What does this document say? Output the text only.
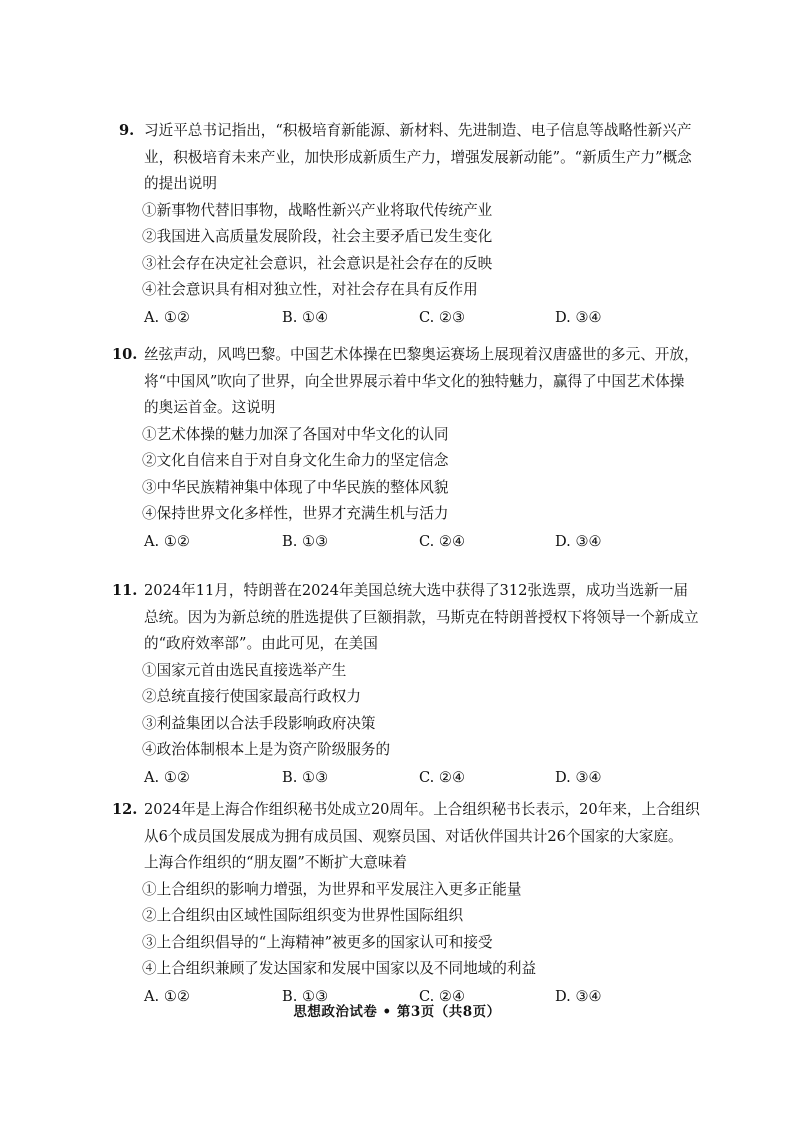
9. 习近平总书记指出，“积极培育新能源、新材料、先进制造、电子信息等战略性新兴产
业，积极培育未来产业，加快形成新质生产力，增强发展新动能”。“新质生产力”概念
的提出说明
①新事物代替旧事物，战略性新兴产业将取代传统产业
②我国进入高质量发展阶段，社会主要矛盾已发生变化
③社会存在决定社会意识，社会意识是社会存在的反映
④社会意识具有相对独立性，对社会存在具有反作用
A. ①②	B. ①④	C. ②③	D. ③④
10. 丝弦声动，风鸣巴黎。中国艺术体操在巴黎奥运赛场上展现着汉唐盛世的多元、开放，
将“中国风”吹向了世界，向全世界展示着中华文化的独特魅力，赢得了中国艺术体操
的奥运首金。这说明
①艺术体操的魅力加深了各国对中华文化的认同
②文化自信来自于对自身文化生命力的坚定信念
③中华民族精神集中体现了中华民族的整体风貌
④保持世界文化多样性，世界才充满生机与活力
A. ①②	B. ①③	C. ②④	D. ③④
11. 2024年11月，特朗普在2024年美国总统大选中获得了312张选票，成功当选新一届
总统。因为为新总统的胜选提供了巨额捐款，马斯克在特朗普授权下将领导一个新成立
的“政府效率部”。由此可见，在美国
①国家元首由选民直接选举产生
②总统直接行使国家最高行政权力
③利益集团以合法手段影响政府决策
④政治体制根本上是为资产阶级服务的
A. ①②	B. ①③	C. ②④	D. ③④
12. 2024年是上海合作组织秘书处成立20周年。上合组织秘书长表示，20年来，上合组织
从6个成员国发展成为拥有成员国、观察员国、对话伙伴国共计26个国家的大家庭。
上海合作组织的“朋友圈”不断扩大意味着
①上合组织的影响力增强，为世界和平发展注入更多正能量
②上合组织由区域性国际组织变为世界性国际组织
③上合组织倡导的“上海精神”被更多的国家认可和接受
④上合组织兼顾了发达国家和发展中国家以及不同地域的利益
A. ①②	B. ①③	C. ②④	D. ③④
思想政治试卷 • 第3页（共8页）
